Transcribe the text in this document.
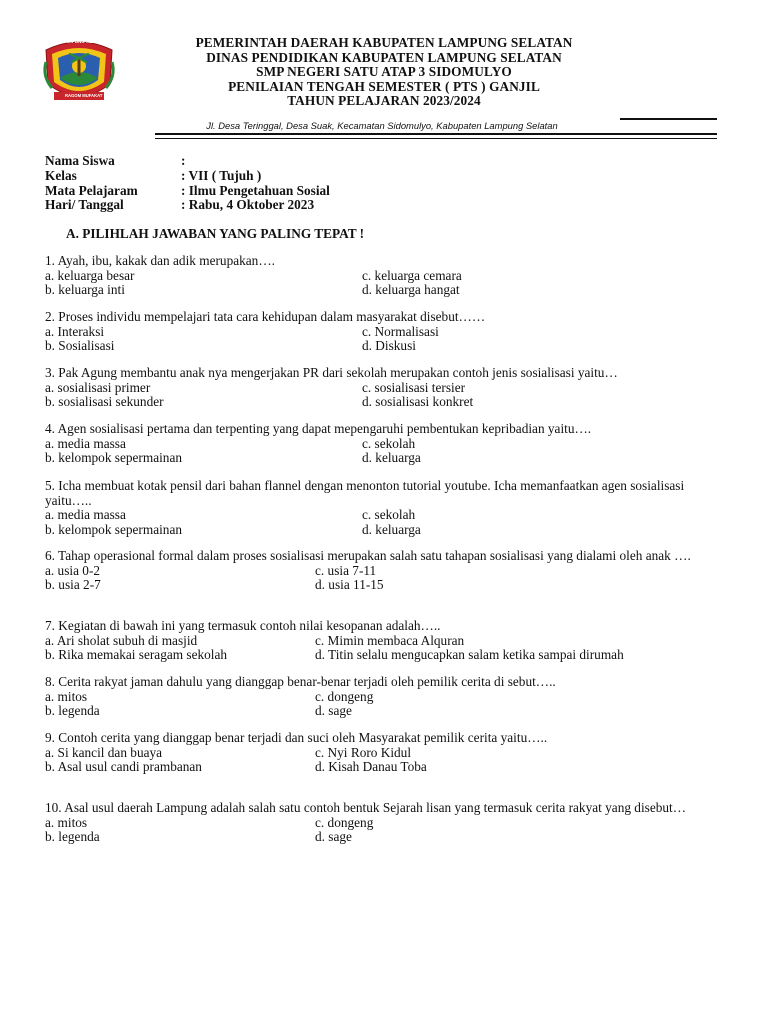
LAMPUNG SELATAN
RAGOM MUFAKAT
PEMERINTAH DAERAH KABUPATEN LAMPUNG SELATAN
DINAS PENDIDIKAN KABUPATEN LAMPUNG SELATAN
SMP NEGERI SATU ATAP 3 SIDOMULYO
PENILAIAN TENGAH SEMESTER ( PTS ) GANJIL
TAHUN PELAJARAN 2023/2024
Jl. Desa Teringgal, Desa Suak, Kecamatan Sidomulyo, Kabupaten Lampung Selatan
Nama Siswa	:
Kelas	: VII ( Tujuh )
Mata Pelajaram	: Ilmu Pengetahuan Sosial
Hari/ Tanggal	: Rabu, 4 Oktober 2023
A. PILIHLAH JAWABAN YANG PALING TEPAT !
1. Ayah, ibu, kakak dan adik merupakan….
a. keluarga besar	c. keluarga cemara
b. keluarga inti	d. keluarga hangat
2. Proses individu mempelajari tata cara kehidupan dalam masyarakat disebut……
a. Interaksi	c. Normalisasi
b. Sosialisasi	d. Diskusi
3. Pak Agung membantu anak nya mengerjakan PR dari sekolah merupakan contoh jenis sosialisasi yaitu…
a. sosialisasi primer	c. sosialisasi tersier
b. sosialisasi sekunder	d. sosialisasi konkret
4. Agen sosialisasi pertama dan terpenting yang dapat mepengaruhi pembentukan kepribadian yaitu….
a. media massa	c. sekolah
b. kelompok sepermainan	d. keluarga
5. Icha membuat kotak pensil dari bahan flannel dengan menonton tutorial youtube. Icha memanfaatkan agen sosialisasi yaitu…..
a. media massa	c. sekolah
b. kelompok sepermainan	d. keluarga
6. Tahap operasional formal dalam proses sosialisasi merupakan salah satu tahapan sosialisasi yang dialami oleh anak ….
a. usia 0-2	c. usia 7-11
b. usia 2-7	d. usia 11-15
7. Kegiatan di bawah ini yang termasuk contoh nilai kesopanan adalah…..
a. Ari sholat subuh di masjid	c. Mimin membaca Alquran
b. Rika memakai seragam sekolah	d. Titin selalu mengucapkan salam ketika sampai dirumah
8. Cerita rakyat jaman dahulu yang dianggap benar-benar terjadi oleh pemilik cerita di sebut…..
a. mitos	c. dongeng
b. legenda	d. sage
9. Contoh cerita yang dianggap benar terjadi dan suci oleh Masyarakat pemilik cerita yaitu…..
a. Si kancil dan buaya	c. Nyi Roro Kidul
b. Asal usul candi prambanan	d. Kisah Danau Toba
10. Asal usul daerah Lampung adalah salah satu contoh bentuk Sejarah lisan yang termasuk cerita rakyat yang disebut…
a. mitos	c. dongeng
b. legenda	d. sage
